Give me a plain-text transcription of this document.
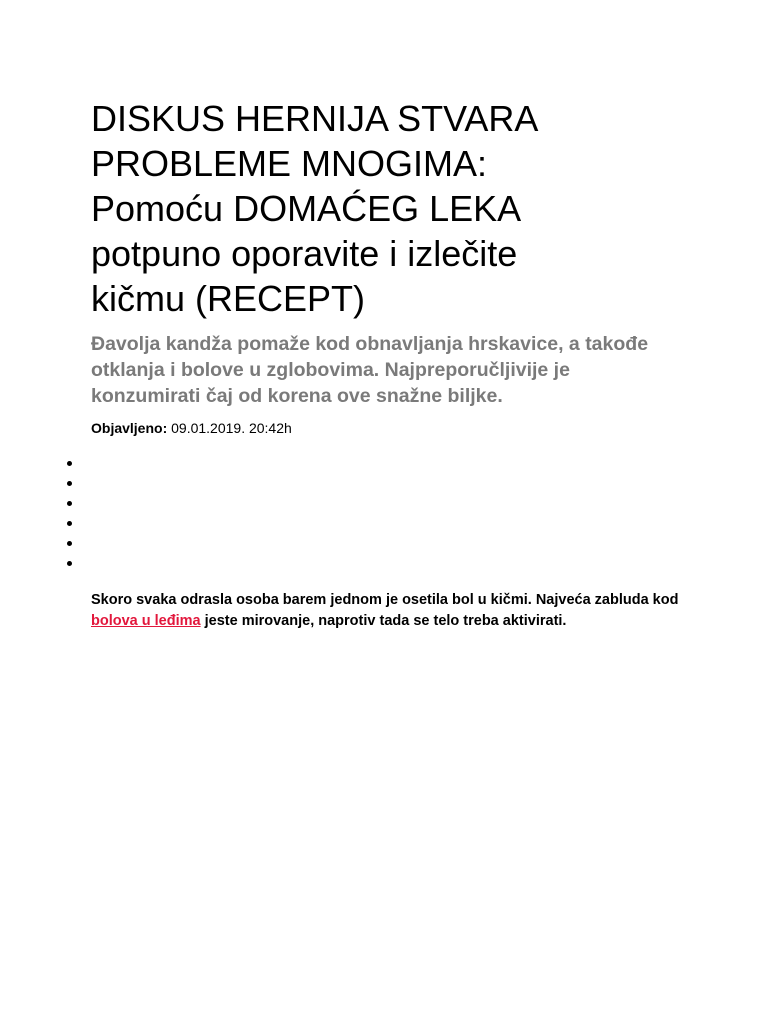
DISKUS HERNIJA STVARA PROBLEME MNOGIMA: Pomoću DOMAĆEG LEKA potpuno oporavite i izlečite kičmu (RECEPT)

Đavolja kandža pomaže kod obnavljanja hrskavice, a takođe otklanja i bolove u zglobovima. Najpreporučljivije je konzumirati čaj od korena ove snažne biljke.

Objavljeno: 09.01.2019. 20:42h

Skoro svaka odrasla osoba barem jednom je osetila bol u kičmi. Najveća zabluda kod bolova u leđima jeste mirovanje, naprotiv tada se telo treba aktivirati.
